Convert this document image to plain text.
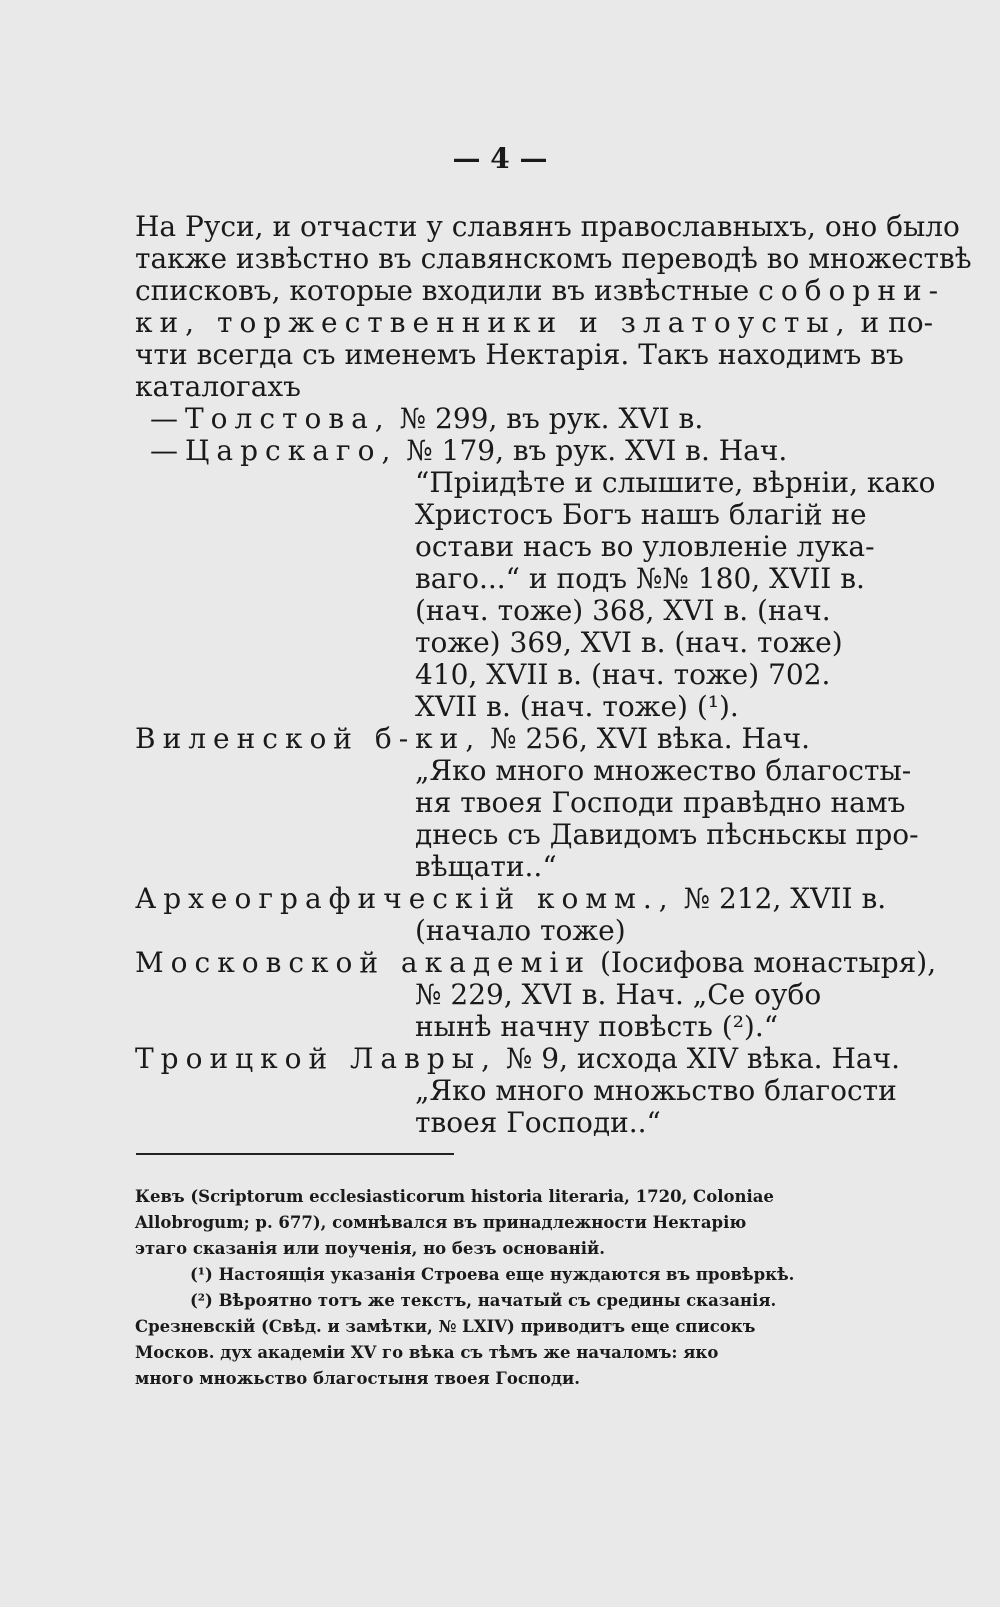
— 4 —
На Руси, и отчасти у славянъ православныхъ, оно было
также извѣстно въ славянскомъ переводѣ во множествѣ
списковъ, которые входили въ извѣстные соборни-
ки, торжественники и златоусты, и по-
чти всегда съ именемъ Нектарія. Такъ находимъ въ
каталогахъ
—Толстова, № 299, въ рук. XVI в.
—Царскаго, № 179, въ рук. XVI в. Нач.
“Пріидѣте и слышите, вѣрніи, како
Христосъ Богъ нашъ благій не
остави насъ во уловленіе лука-
ваго...“ и подъ №№ 180, XVII в.
(нач. тоже) 368, XVI в. (нач.
тоже) 369, XVI в. (нач. тоже)
410, XVII в. (нач. тоже) 702.
XVII в. (нач. тоже) (¹).
Виленской б-ки, № 256, XVI вѣка. Нач.
„Яко много множество благосты-
ня твоея Господи правѣдно намъ
днесь съ Давидомъ пѣсньскы про-
вѣщати..“
Археографическій комм., № 212, XVII в.
(начало тоже)
Московской академіи (Іосифова монастыря),
№ 229, XVI в. Нач. „Се оубо
нынѣ начну повѣсть (²).“
Троицкой Лавры, № 9, исхода XIV вѣка. Нач.
„Яко много множьство благости
твоея Господи..“
Кевъ (Scriptorum ecclesiasticorum historia literaria, 1720, Coloniae
Allobrogum; p. 677), сомнѣвался въ принадлежности Нектарію
этаго сказанія или поученія, но безъ основаній.
(¹) Настоящія указанія Строева еще нуждаются въ провѣркѣ.
(²) Вѣроятно тотъ же текстъ, начатый съ средины сказанія.
Срезневскій (Свѣд. и замѣтки, № LXIV) приводитъ еще списокъ
Москов. дух академіи XV го вѣка съ тѣмъ же началомъ: яко
много множьство благостыня твоея Господи.
